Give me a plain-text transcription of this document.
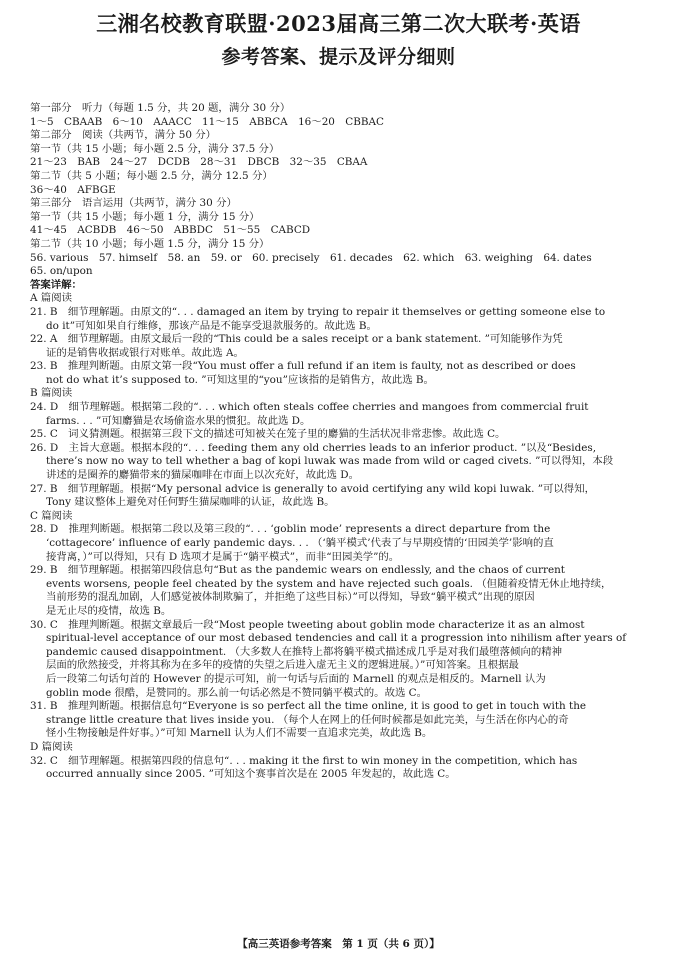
三湘名校教育联盟·2023届高三第二次大联考·英语
参考答案、提示及评分细则
第一部分　听力（每题 1.5 分，共 20 题，满分 30 分）
1～5　CBAAB　6～10　AAACC　11～15　ABBCA　16～20　CBBAC
第二部分　阅读（共两节，满分 50 分）
第一节（共 15 小题；每小题 2.5 分，满分 37.5 分）
21～23　BAB　24～27　DCDB　28～31　DBCB　32～35　CBAA
第二节（共 5 小题；每小题 2.5 分，满分 12.5 分）
36～40　AFBGE
第三部分　语言运用（共两节，满分 30 分）
第一节（共 15 小题；每小题 1 分，满分 15 分）
41～45　ACBDB　46～50　ABBDC　51～55　CABCD
第二节（共 10 小题；每小题 1.5 分，满分 15 分）
56. various　57. himself　58. an　59. or　60. precisely　61. decades　62. which　63. weighing　64. dates
65. on/upon
答案详解：
A 篇阅读
21. B　细节理解题。由原文的“. . . damaged an item by trying to repair it themselves or getting someone else to
do it”可知如果自行维修，那该产品是不能享受退款服务的。故此选 B。
22. A　细节理解题。由原文最后一段的“This could be a sales receipt or a bank statement. ”可知能够作为凭
证的是销售收据或银行对账单。故此选 A。
23. B　推理判断题。由原文第一段“You must offer a full refund if an item is faulty, not as described or does
not do what it’s supposed to. ”可知这里的“you”应该指的是销售方，故此选 B。
B 篇阅读
24. D　细节理解题。根据第二段的“. . . which often steals coffee cherries and mangoes from commercial fruit
farms. . . ”可知麝猫是农场偷盗水果的惯犯。故此选 D。
25. C　词义猜测题。根据第三段下文的描述可知被关在笼子里的麝猫的生活状况非常悲惨。故此选 C。
26. D　主旨大意题。根据本段的“. . . feeding them any old cherries leads to an inferior product. ”以及“Besides,
there’s now no way to tell whether a bag of kopi luwak was made from wild or caged civets. ”可以得知，本段
讲述的是圈养的麝猫带来的猫屎咖啡在市面上以次充好，故此选 D。
27. B　细节理解题。根据“My personal advice is generally to avoid certifying any wild kopi luwak. ”可以得知，
Tony 建议整体上避免对任何野生猫屎咖啡的认证，故此选 B。
C 篇阅读
28. D　推理判断题。根据第二段以及第三段的“. . . ‘goblin mode’ represents a direct departure from the
‘cottagecore’ influence of early pandemic days. . . （‘躺平模式’代表了与早期疫情的‘田园美学’影响的直
接背离，）”可以得知，只有 D 选项才是属于“躺平模式”，而非“田园美学”的。
29. B　细节理解题。根据第四段信息句“But as the pandemic wears on endlessly, and the chaos of current
events worsens, people feel cheated by the system and have rejected such goals. （但随着疫情无休止地持续，
当前形势的混乱加剧，人们感觉被体制欺骗了，并拒绝了这些目标）”可以得知，导致“躺平模式”出现的原因
是无止尽的疫情，故选 B。
30. C　推理判断题。根据文章最后一段“Most people tweeting about goblin mode characterize it as an almost
spiritual-level acceptance of our most debased tendencies and call it a progression into nihilism after years of
pandemic caused disappointment. （大多数人在推特上都将躺平模式描述成几乎是对我们最堕落倾向的精神
层面的欣然接受，并将其称为在多年的疫情的失望之后进入虚无主义的逻辑进展。）”可知答案。且根据最
后一段第二句话句首的 However 的提示可知，前一句话与后面的 Marnell 的观点是相反的。Marnell 认为
goblin mode 很酷，是赞同的。那么前一句话必然是不赞同躺平模式的。故选 C。
31. B　推理判断题。根据信息句“Everyone is so perfect all the time online, it is good to get in touch with the
strange little creature that lives inside you. （每个人在网上的任何时候都是如此完美，与生活在你内心的奇
怪小生物接触是件好事。）”可知 Marnell 认为人们不需要一直追求完美，故此选 B。
D 篇阅读
32. C　细节理解题。根据第四段的信息句“. . . making it the first to win money in the competition, which has
occurred annually since 2005. ”可知这个赛事首次是在 2005 年发起的，故此选 C。
【高三英语参考答案　第 1 页（共 6 页）】
